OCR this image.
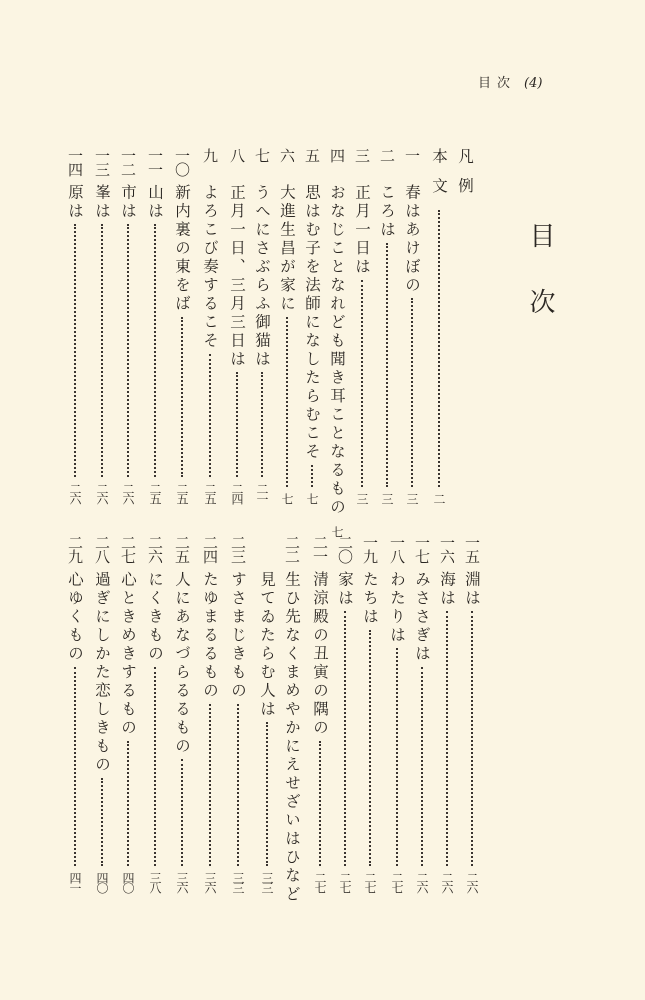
目次 (4)
目次
凡例
本文
二
一
春はあけぼの
三
二
ころは
三
三
正月一日は
三
四
おなじことなれども聞き耳ことなるもの
七
五
思はむ子を法師になしたらむこそ
七
六
大進生昌が家に
七
七
うへにさぶらふ御猫は
二一
八
正月一日、三月三日は
二四
九
よろこび奏するこそ
二五
一〇
新内裏の東をば
二五
一一
山は
二五
一二
市は
二六
一三
峯は
二六
一四
原は
二六
一五
淵は
二六
一六
海は
二六
一七
みささぎは
二六
一八
わたりは
二七
一九
たちは
二七
二〇
家は
二七
二一
清涼殿の丑寅の隅の
二七
二二
生ひ先なくまめやかにえせざいはひなど
見てゐたらむ人は
三三
二三
すさまじきもの
三三
二四
たゆまるるもの
三六
二五
人にあなづらるるもの
三六
二六
にくきもの
三八
二七
心ときめきするもの
四〇
二八
過ぎにしかた恋しきもの
四〇
二九
心ゆくもの
四一
